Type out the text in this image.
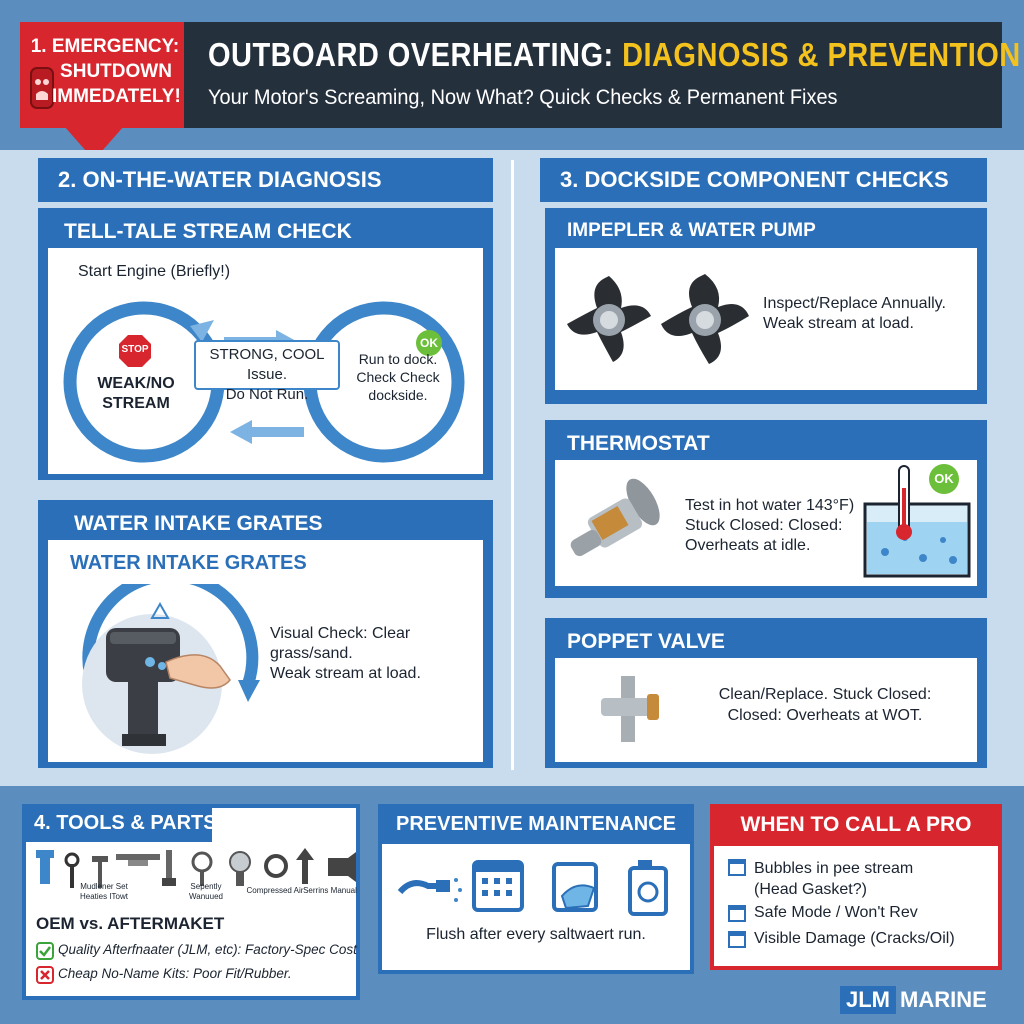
OUTBOARD OVERHEATING: DIAGNOSIS & PREVENTION
Your Motor's Screaming, Now What? Quick Checks & Permanent Fixes
1. EMERGENCY:
SHUTDOWN
IMMEDATELY!
2. ON-THE-WATER DIAGNOSIS	3. DOCKSIDE COMPONENT CHECKS
TELL-TALE STREAM CHECK
Start Engine (Briefly!)
STOP
WEAK/NO
STREAM
STRONG, COOL Issue.
Do Not Run.
OK
Run to dock.
Check Check
dockside.
WATER INTAKE GRATES
WATER INTAKE GRATES
Visual Check: Clear grass/sand.
Weak stream at load.
IMPEPLER & WATER PUMP
Inspect/Replace Annually.
Weak stream at load.
THERMOSTAT
Test in hot water 143°F)
Stuck Closed: Closed:
Overheats at idle.
OK
POPPET VALVE
Clean/Replace. Stuck Closed:
Closed: Overheats at WOT.
4. TOOLS & PARTS
Mudlener Set
Heaties ITowt
Sepently
Wanuued
Compressed Air Serrins Manual
OEM vs. AFTERMAKET
Quality Afterfnaater (JLM, etc): Factory-Spec Cost
Cheap No-Name Kits: Poor Fit/Rubber.
PREVENTIVE MAINTENANCE
Flush after every saltwaert run.
WHEN TO CALL A PRO
Bubbles in pee stream
(Head Gasket?)
Safe Mode / Won't Rev
Visible Damage (Cracks/Oil)
JLM MARINE
